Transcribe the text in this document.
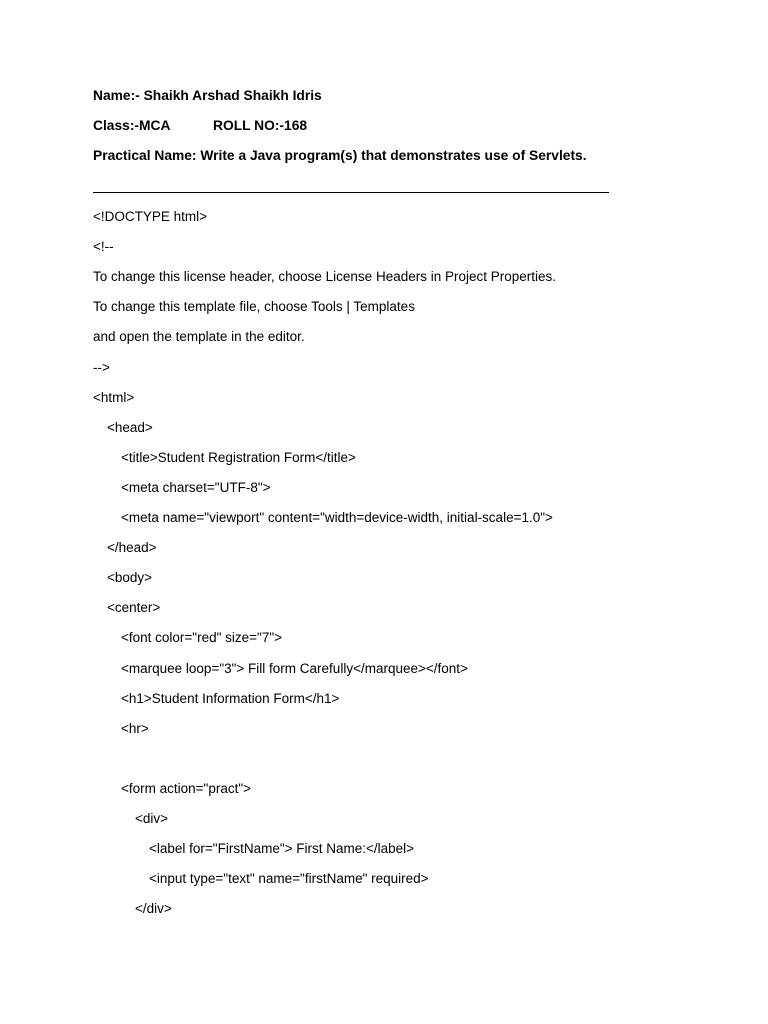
Name:- Shaikh Arshad Shaikh Idris
Class:-MCA	ROLL NO:-168
Practical Name: Write a Java program(s) that demonstrates use of Servlets.
<!DOCTYPE html>
<!--
To change this license header, choose License Headers in Project Properties.
To change this template file, choose Tools | Templates
and open the template in the editor.
-->
<html>
<head>
<title>Student Registration Form</title>
<meta charset="UTF-8">
<meta name="viewport" content="width=device-width, initial-scale=1.0">
</head>
<body>
<center>
<font color="red" size="7">
<marquee loop="3"> Fill form Carefully</marquee></font>
<h1>Student Information Form</h1>
<hr>
<form action="pract">
<div>
<label for="FirstName"> First Name:</label>
<input type="text" name="firstName" required>
</div>
